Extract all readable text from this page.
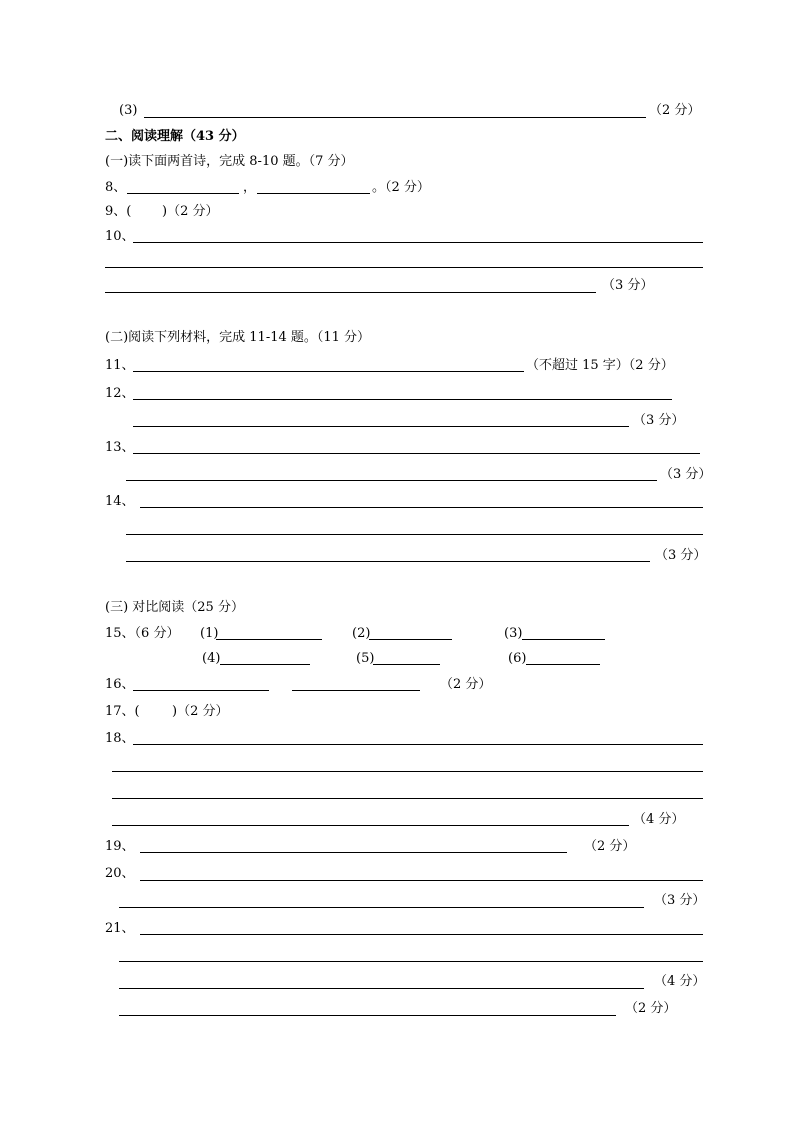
(3)	（2 分）
二、阅读理解（43 分）
(一)读下面两首诗，完成 8-10 题。（7 分）
8、	，	。（2 分）
9、( )（2 分）
10、
（3 分）
(二)阅读下列材料，完成 11-14 题。（11 分）
11、	（不超过 15 字）（2 分）
12、
（3 分）
13、
（3 分）
14、
（3 分）
(三) 对比阅读（25 分）
15、（6 分） (1)	(2)	(3)
(4)	(5)	(6)
16、	（2 分）
17、( )（2 分）
18、
（4 分）
19、	（2 分）
20、
（3 分）
21、
（4 分）
（2 分）
